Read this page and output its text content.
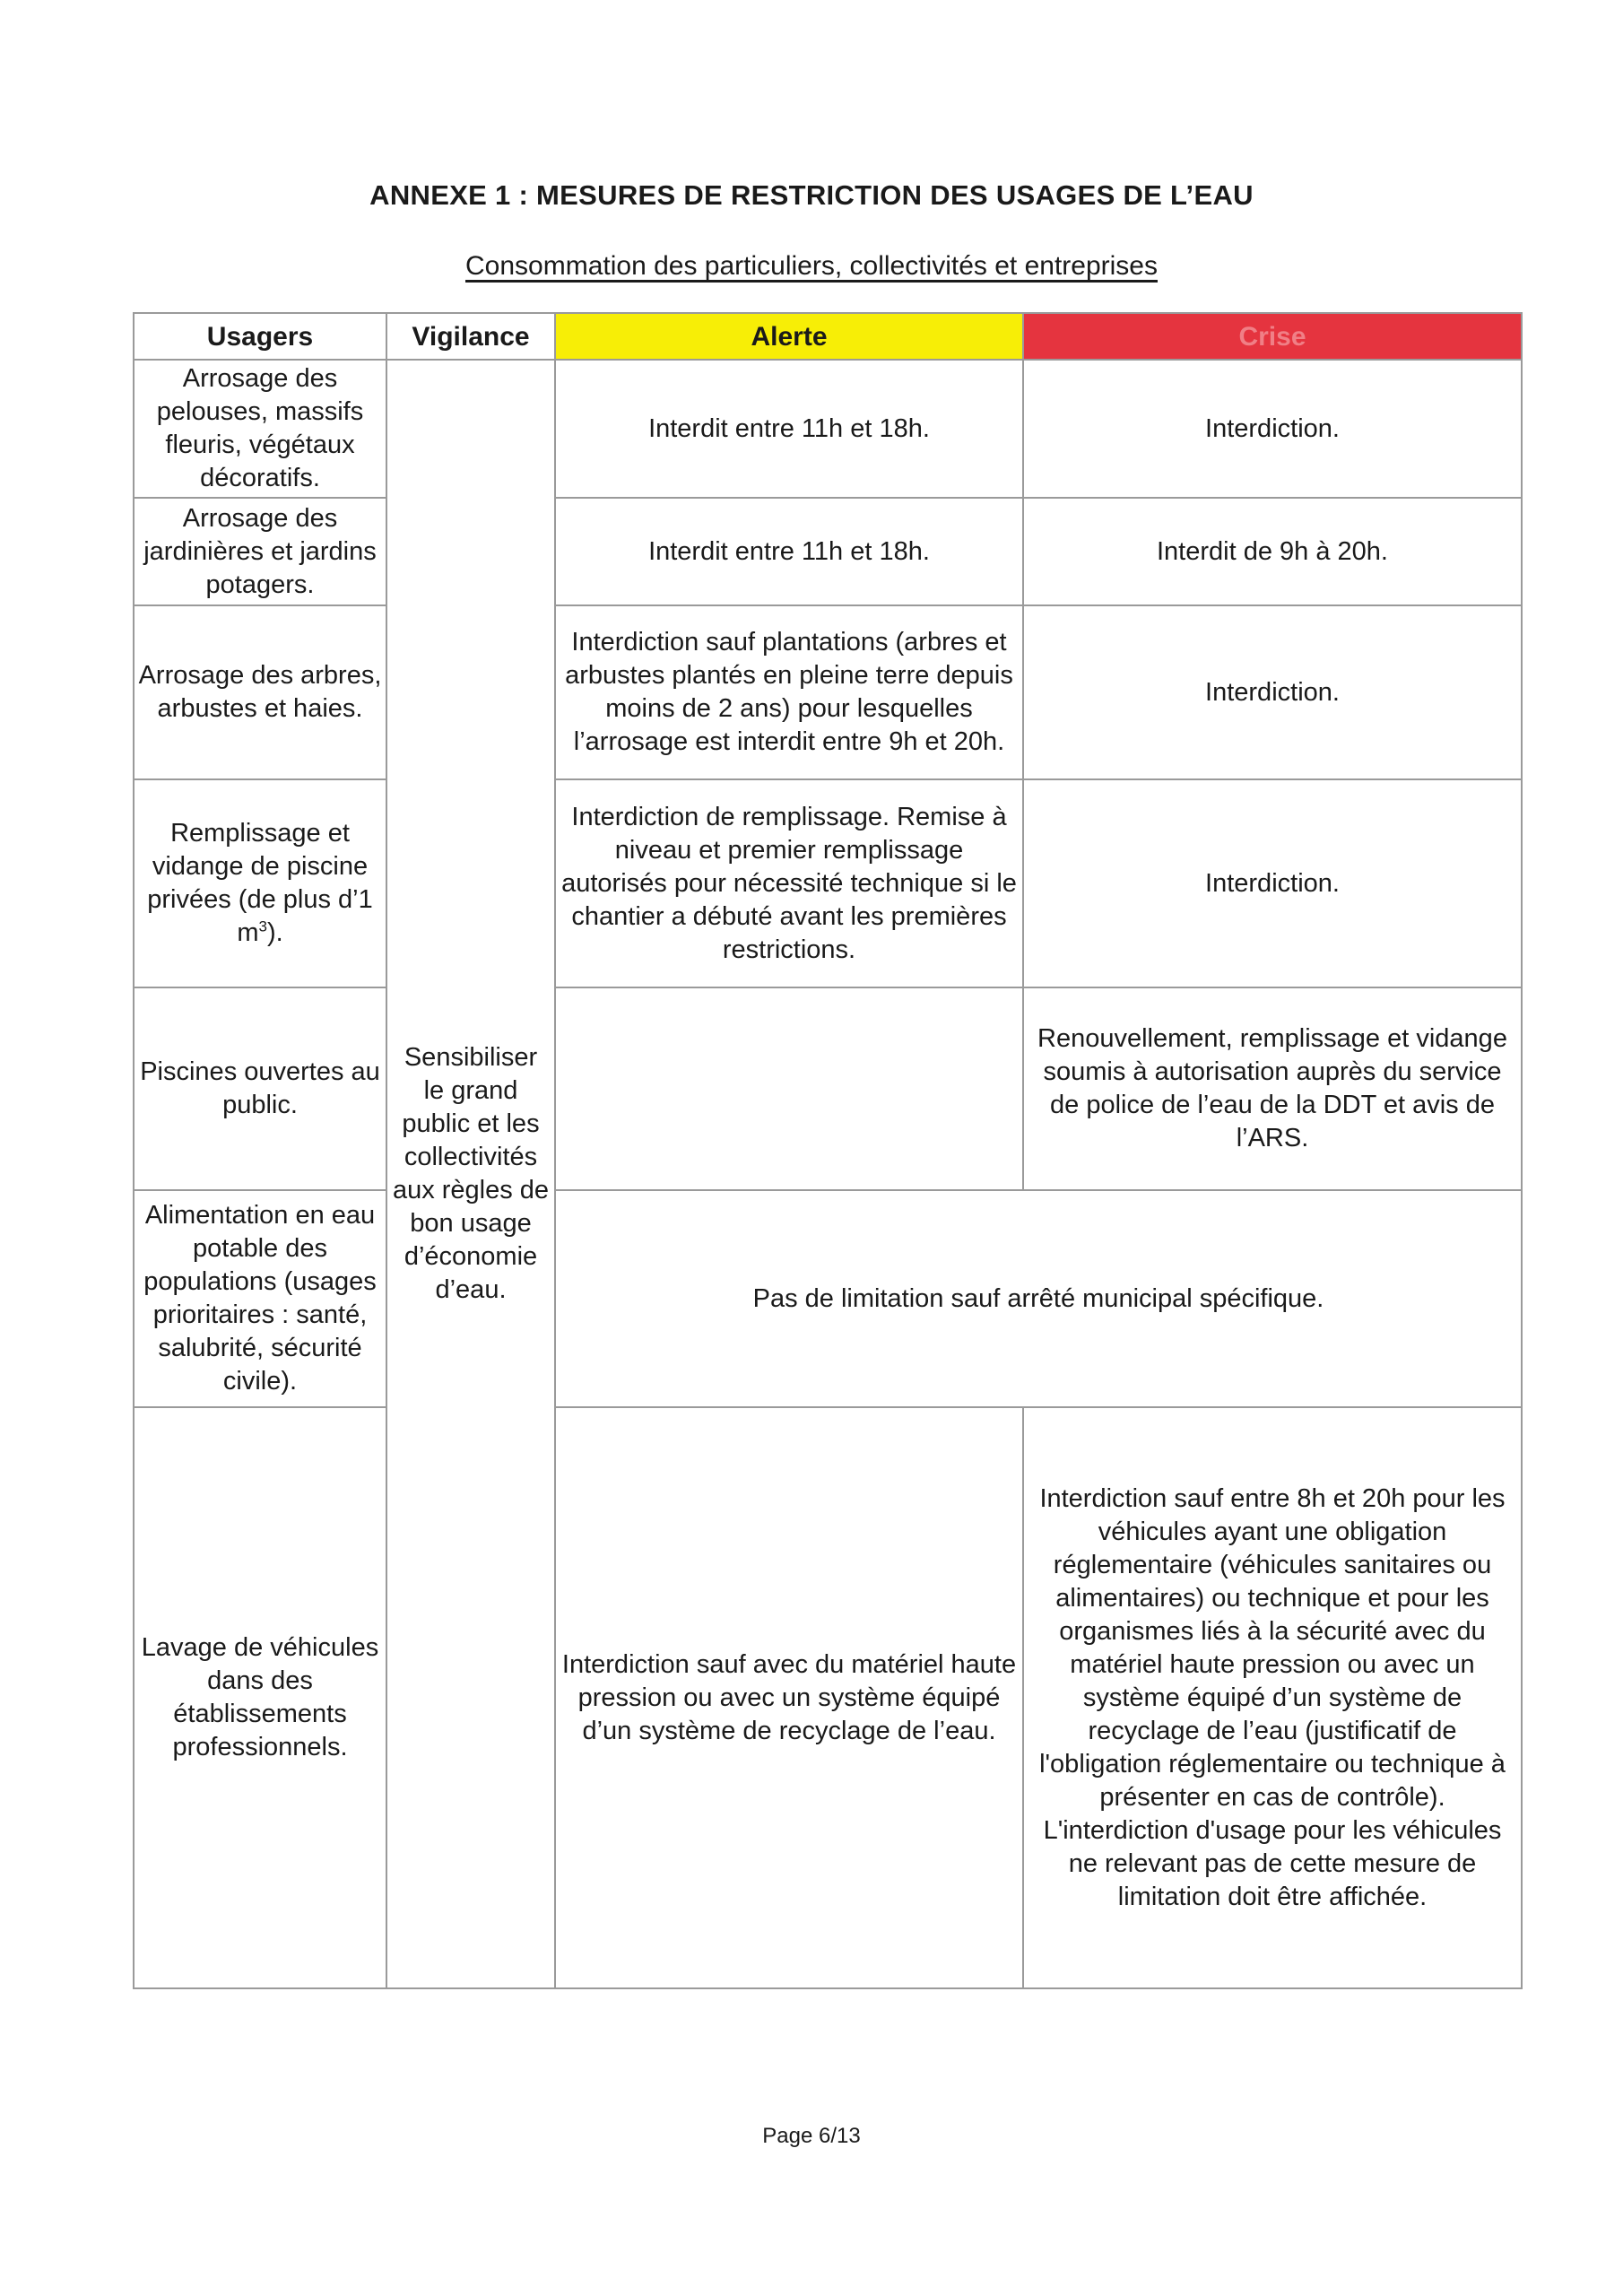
ANNEXE 1 : MESURES DE RESTRICTION DES USAGES DE L’EAU
Consommation des particuliers, collectivités et entreprises
Usagers	Vigilance	Alerte	Crise
Arrosage des pelouses, massifs fleuris, végétaux décoratifs.	Sensibiliser le grand public et les collectivités aux règles de bon usage d’économie d’eau.	Interdit entre 11h et 18h.	Interdiction.
Arrosage des jardinières et jardins potagers.		Interdit entre 11h et 18h.	Interdit de 9h à 20h.
Arrosage des arbres, arbustes et haies.		Interdiction sauf plantations (arbres et arbustes plantés en pleine terre depuis moins de 2 ans) pour lesquelles l’arrosage est interdit entre 9h et 20h.	Interdiction.
Remplissage et vidange de piscine privées (de plus d’1 $m^3$).		Interdiction de remplissage. Remise à niveau et premier remplissage autorisés pour nécessité technique si le chantier a débuté avant les premières restrictions.	Interdiction.
Piscines ouvertes au public.			Renouvellement, remplissage et vidange soumis à autorisation auprès du service de police de l’eau de la DDT et avis de l’ARS.
Alimentation en eau potable des populations (usages prioritaires : santé, salubrité, sécurité civile).		Pas de limitation sauf arrêté municipal spécifique.	
Lavage de véhicules dans des établissements professionnels.		Interdiction sauf avec du matériel haute pression ou avec un système équipé d’un système de recyclage de l’eau.	Interdiction sauf entre 8h et 20h pour les véhicules ayant une obligation réglementaire (véhicules sanitaires ou alimentaires) ou technique et pour les organismes liés à la sécurité avec du matériel haute pression ou avec un système équipé d’un système de recyclage de l’eau (justificatif de l'obligation réglementaire ou technique à présenter en cas de contrôle). L'interdiction d'usage pour les véhicules ne relevant pas de cette mesure de limitation doit être affichée.
Page 6/13
